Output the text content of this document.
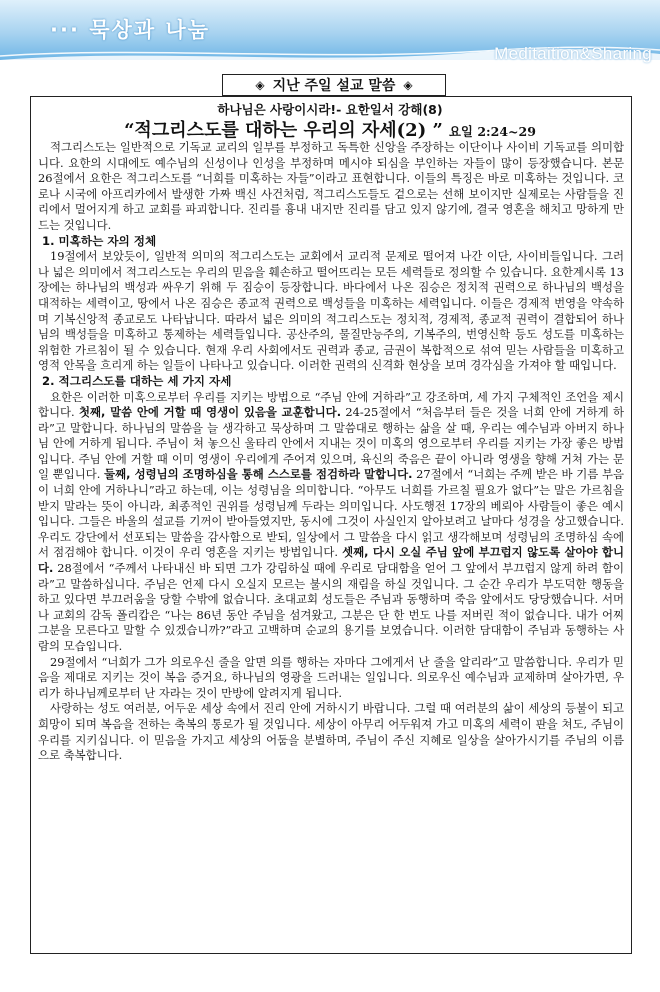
··· 묵상과 나눔
Meditaition&Sharing
◈ 지난 주일 설교 말씀 ◈
하나님은 사랑이시라!- 요한일서 강해(8)
“적그리스도를 대하는 우리의 자세(2) ” 요일 2:24~29

적그리스도는 일반적으로 기독교 교리의 일부를 부정하고 독특한 신앙을 주장하는 이단이나 사이비 기독교를 의미합니다. 요한의 시대에도 예수님의 신성이나 인성을 부정하며 메시야 되심을 부인하는 자들이 많이 등장했습니다. 본문 26절에서 요한은 적그리스도를 “너희를 미혹하는 자들”이라고 표현합니다. 이들의 특징은 바로 미혹하는 것입니다. 코로나 시국에 아프리카에서 발생한 가짜 백신 사건처럼, 적그리스도들도 겉으로는 선해 보이지만 실제로는 사람들을 진리에서 멀어지게 하고 교회를 파괴합니다. 진리를 흉내 내지만 진리를 담고 있지 않기에, 결국 영혼을 해치고 망하게 만드는 것입니다.

1. 미혹하는 자의 정체

19절에서 보았듯이, 일반적 의미의 적그리스도는 교회에서 교리적 문제로 떨어져 나간 이단, 사이비들입니다. 그러나 넓은 의미에서 적그리스도는 우리의 믿음을 훼손하고 떨어뜨리는 모든 세력들로 정의할 수 있습니다. 요한계시록 13장에는 하나님의 백성과 싸우기 위해 두 짐승이 등장합니다. 바다에서 나온 짐승은 정치적 권력으로 하나님의 백성을 대적하는 세력이고, 땅에서 나온 짐승은 종교적 권력으로 백성들을 미혹하는 세력입니다. 이들은 경제적 번영을 약속하며 기복신앙적 종교로도 나타납니다. 따라서 넓은 의미의 적그리스도는 정치적, 경제적, 종교적 권력이 결합되어 하나님의 백성들을 미혹하고 통제하는 세력들입니다. 공산주의, 물질만능주의, 기복주의, 번영신학 등도 성도를 미혹하는 위험한 가르침이 될 수 있습니다. 현재 우리 사회에서도 권력과 종교, 금권이 복합적으로 섞여 믿는 사람들을 미혹하고 영적 안목을 흐리게 하는 일들이 나타나고 있습니다. 이러한 권력의 신격화 현상을 보며 경각심을 가져야 할 때입니다.

2. 적그리스도를 대하는 세 가지 자세

요한은 이러한 미혹으로부터 우리를 지키는 방법으로 “주님 안에 거하라”고 강조하며, 세 가지 구체적인 조언을 제시합니다. 첫째, 말씀 안에 거할 때 영생이 있음을 교훈합니다. 24-25절에서 “처음부터 들은 것을 너희 안에 거하게 하라”고 말합니다. 하나님의 말씀을 늘 생각하고 묵상하며 그 말씀대로 행하는 삶을 살 때, 우리는 예수님과 아버지 하나님 안에 거하게 됩니다. 주님이 쳐 놓으신 울타리 안에서 지내는 것이 미혹의 영으로부터 우리를 지키는 가장 좋은 방법입니다. 주님 안에 거할 때 이미 영생이 우리에게 주어져 있으며, 육신의 죽음은 끝이 아니라 영생을 향해 거쳐 가는 문일 뿐입니다. 둘째, 성령님의 조명하심을 통해 스스로를 점검하라 말합니다. 27절에서 “너희는 주께 받은 바 기름 부음이 너희 안에 거하나니”라고 하는데, 이는 성령님을 의미합니다. “아무도 너희를 가르칠 필요가 없다”는 말은 가르침을 받지 말라는 뜻이 아니라, 최종적인 권위를 성령님께 두라는 의미입니다. 사도행전 17장의 베뢰아 사람들이 좋은 예시입니다. 그들은 바울의 설교를 기꺼이 받아들였지만, 동시에 그것이 사실인지 알아보려고 날마다 성경을 상고했습니다. 우리도 강단에서 선포되는 말씀을 감사함으로 받되, 일상에서 그 말씀을 다시 읽고 생각해보며 성령님의 조명하심 속에서 점검해야 합니다. 이것이 우리 영혼을 지키는 방법입니다. 셋째, 다시 오실 주님 앞에 부끄럽지 않도록 살아야 합니다. 28절에서 “주께서 나타내신 바 되면 그가 강림하실 때에 우리로 담대함을 얻어 그 앞에서 부끄럽지 않게 하려 함이라”고 말씀하십니다. 주님은 언제 다시 오실지 모르는 불시의 재림을 하실 것입니다. 그 순간 우리가 부도덕한 행동을 하고 있다면 부끄러움을 당할 수밖에 없습니다. 초대교회 성도들은 주님과 동행하며 죽음 앞에서도 당당했습니다. 서머나 교회의 감독 폴리캅은 “나는 86년 동안 주님을 섬겨왔고, 그분은 단 한 번도 나를 저버린 적이 없습니다. 내가 어찌 그분을 모른다고 말할 수 있겠습니까?”라고 고백하며 순교의 용기를 보였습니다. 이러한 담대함이 주님과 동행하는 사람의 모습입니다.

29절에서 “너희가 그가 의로우신 줄을 알면 의를 행하는 자마다 그에게서 난 줄을 알리라”고 말씀합니다. 우리가 믿음을 제대로 지키는 것이 복음 증거요, 하나님의 영광을 드러내는 일입니다. 의로우신 예수님과 교제하며 살아가면, 우리가 하나님께로부터 난 자라는 것이 만방에 알려지게 됩니다.

사랑하는 성도 여러분, 어두운 세상 속에서 진리 안에 거하시기 바랍니다. 그럴 때 여러분의 삶이 세상의 등불이 되고 희망이 되며 복음을 전하는 축복의 통로가 될 것입니다. 세상이 아무리 어두워져 가고 미혹의 세력이 판을 쳐도, 주님이 우리를 지키십니다. 이 믿음을 가지고 세상의 어둠을 분별하며, 주님이 주신 지혜로 일상을 살아가시기를 주님의 이름으로 축복합니다.
